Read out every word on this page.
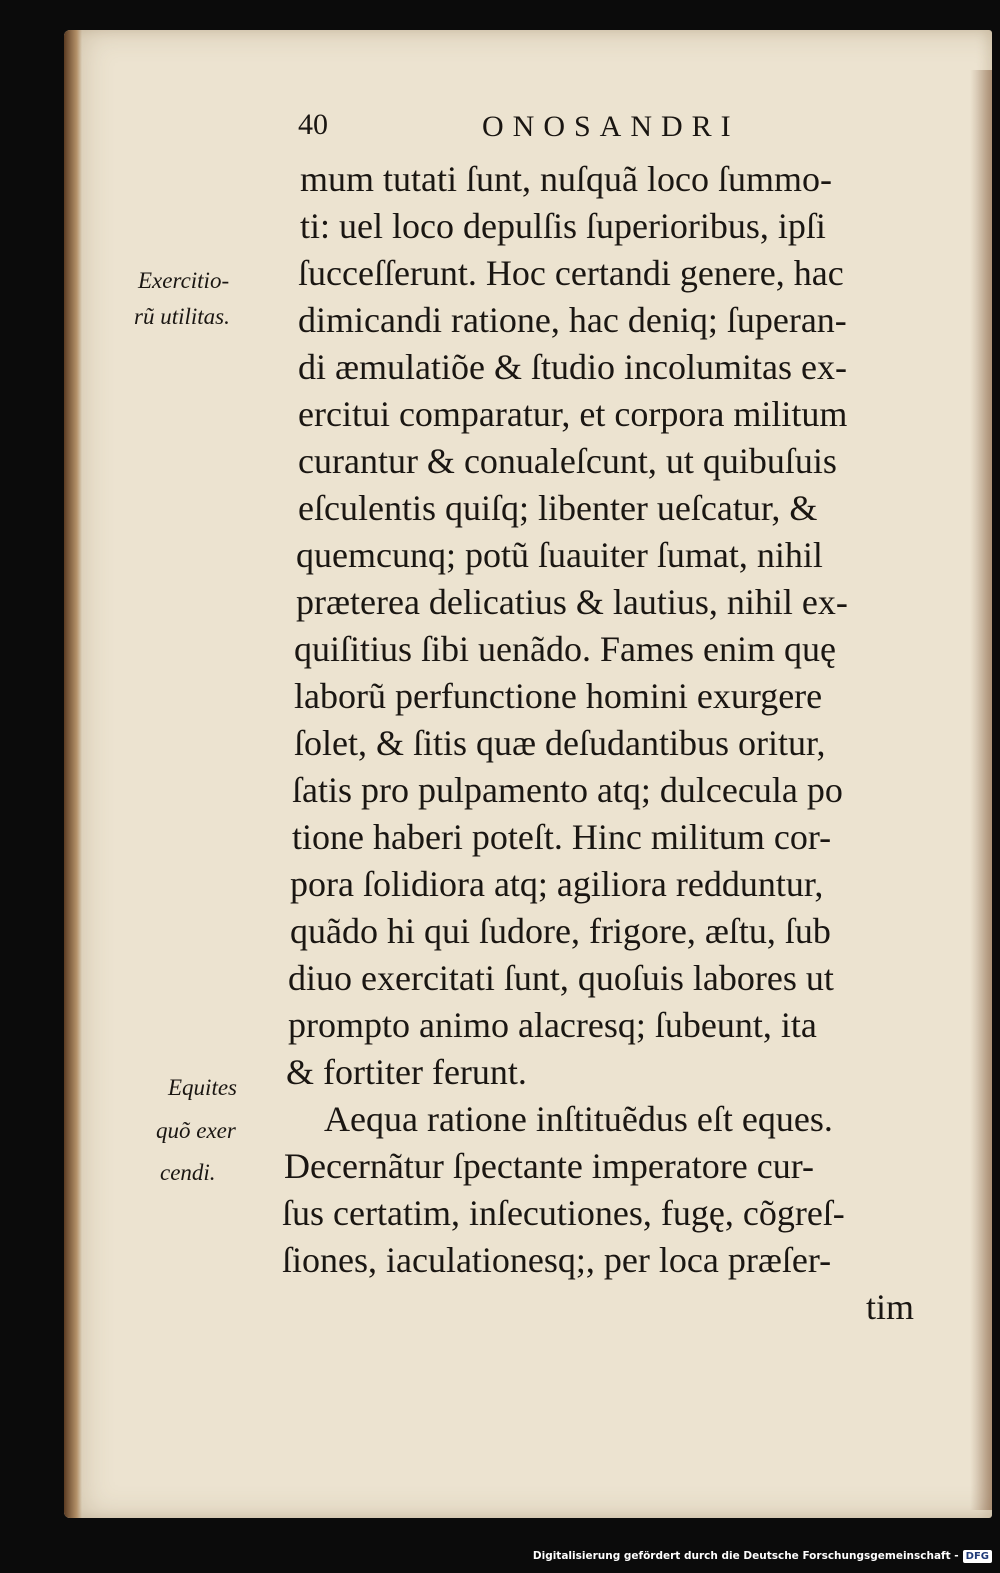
40	ONOSANDRI
mum tutati ſunt, nuſquã loco ſummo-
ti: uel loco depulſis ſuperioribus, ipſi
ſucceſſerunt. Hoc certandi genere, hac
dimicandi ratione, hac deniq; ſuperan-
di æmulatiõe & ſtudio incolumitas ex-
ercitui comparatur, et corpora militum
curantur & conualeſcunt, ut quibuſuis
eſculentis quiſq; libenter ueſcatur, &
quemcunq; potũ ſuauiter ſumat, nihil
præterea delicatius & lautius, nihil ex-
quiſitius ſibi uenãdo. Fames enim quę
laborũ perfunctione homini exurgere
ſolet, & ſitis quæ deſudantibus oritur,
ſatis pro pulpamento atq; dulcecula po
tione haberi poteſt. Hinc militum cor-
pora ſolidiora atq; agiliora redduntur,
quãdo hi qui ſudore, frigore, æſtu, ſub
diuo exercitati ſunt, quoſuis labores ut
prompto animo alacresq; ſubeunt, ita
& fortiter ferunt.
Aequa ratione inſtituẽdus eſt eques.
Decernãtur ſpectante imperatore cur-
ſus certatim, inſecutiones, fugę, cõgreſ-
ſiones, iaculationesq;, per loca præſer-
tim
Exercitio-
rũ utilitas.
Equites
quõ exer
cendi.
Digitalisierung gefördert durch die Deutsche Forschungsgemeinschaft - DFG
